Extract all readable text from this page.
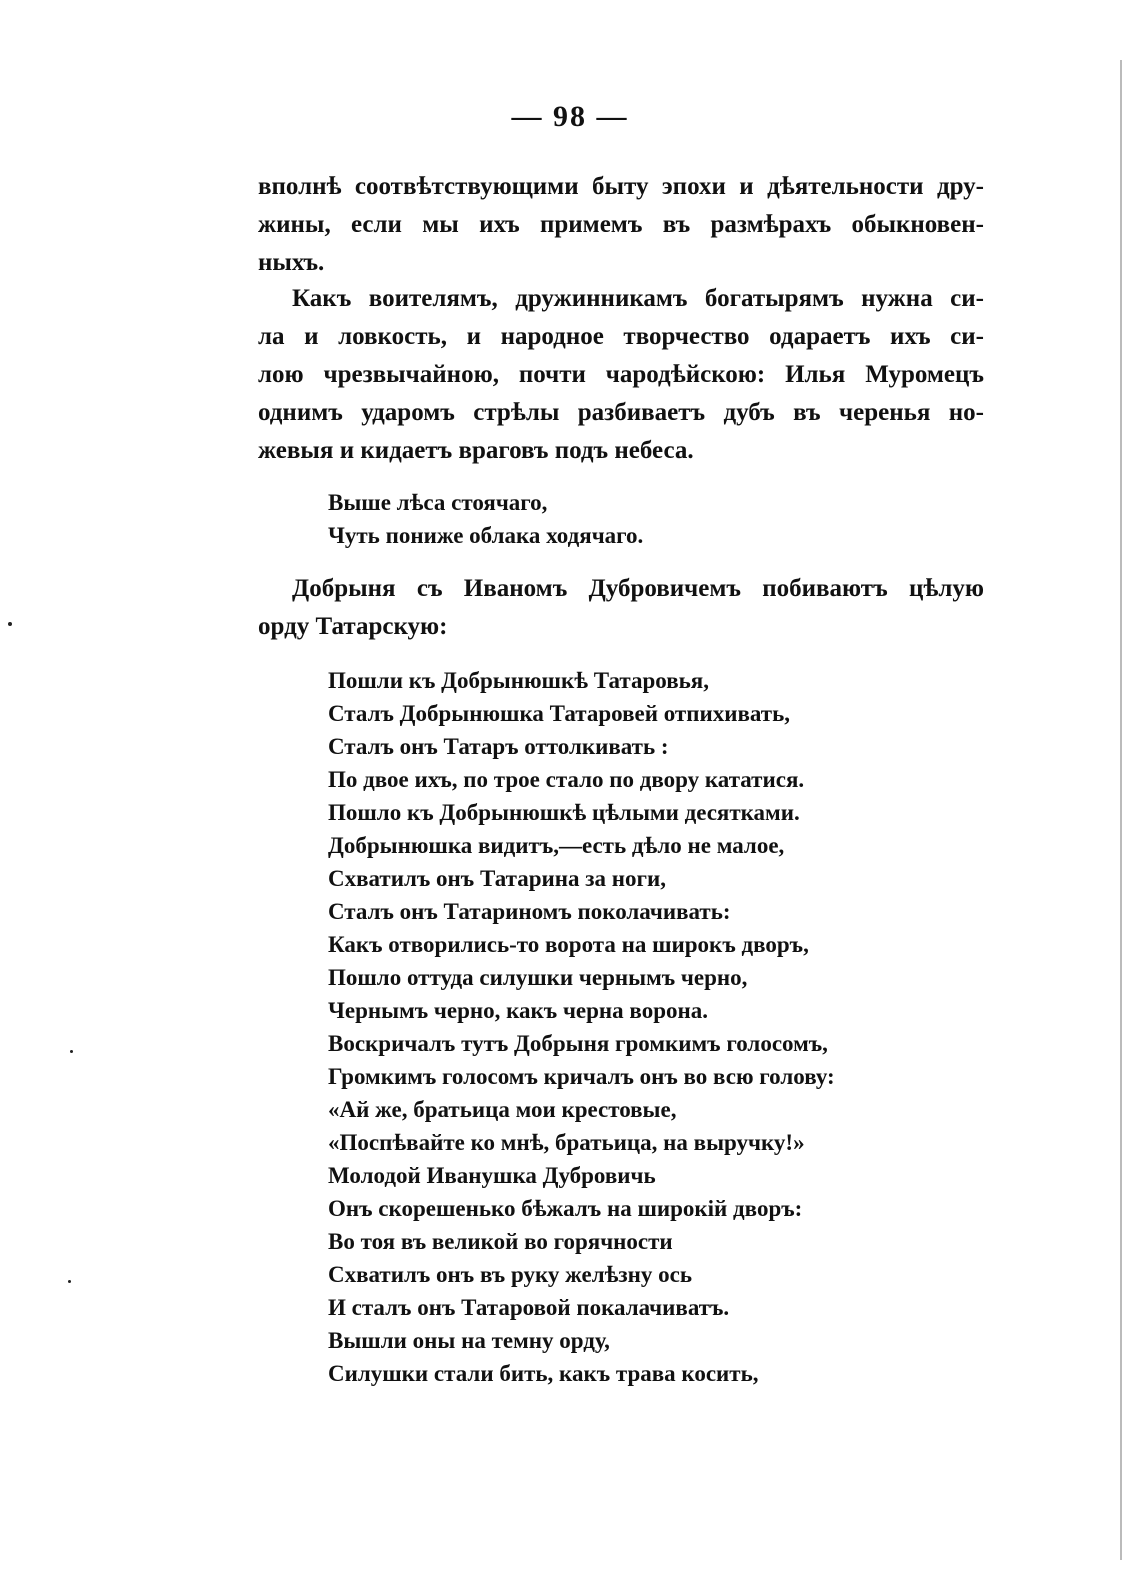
— 98 —
вполнѣ соотвѣтствующими быту эпохи и дѣятельности дру-
жины, если мы ихъ примемъ въ размѣрахъ обыкновен-
ныхъ.
Какъ воителямъ, дружинникамъ богатырямъ нужна си-
ла и ловкость, и народное творчество одараетъ ихъ си-
лою чрезвычайною, почти чародѣйскою: Илья Муромецъ
однимъ ударомъ стрѣлы разбиваетъ дубъ въ черенья но-
жевыя и кидаетъ враговъ подъ небеса.
Выше лѣса стоячаго,
Чуть пониже облака ходячаго.
Добрыня съ Иваномъ Дубровичемъ побиваютъ цѣлую
орду Татарскую:
Пошли къ Добрынюшкѣ Татаровья,
Сталъ Добрынюшка Татаровей отпихивать,
Сталъ онъ Татаръ оттолкивать :
По двое ихъ, по трое стало по двору кататися.
Пошло къ Добрынюшкѣ цѣлыми десятками.
Добрынюшка видитъ,—есть дѣло не малое,
Схватилъ онъ Татарина за ноги,
Сталъ онъ Татариномъ поколачивать:
Какъ отворились-то ворота на широкъ дворъ,
Пошло оттуда силушки чернымъ черно,
Чернымъ черно, какъ черна ворона.
Воскричалъ тутъ Добрыня громкимъ голосомъ,
Громкимъ голосомъ кричалъ онъ во всю голову:
«Ай же, братьица мои крестовые,
«Поспѣвайте ко мнѣ, братьица, на выручку!»
Молодой Иванушка Дубровичь
Онъ скорешенько бѣжалъ на широкій дворъ:
Во тоя въ великой во горячности
Схватилъ онъ въ руку желѣзну ось
И сталъ онъ Татаровой покалачиватъ.
Вышли оны на темну орду,
Силушки стали бить, какъ трава косить,
